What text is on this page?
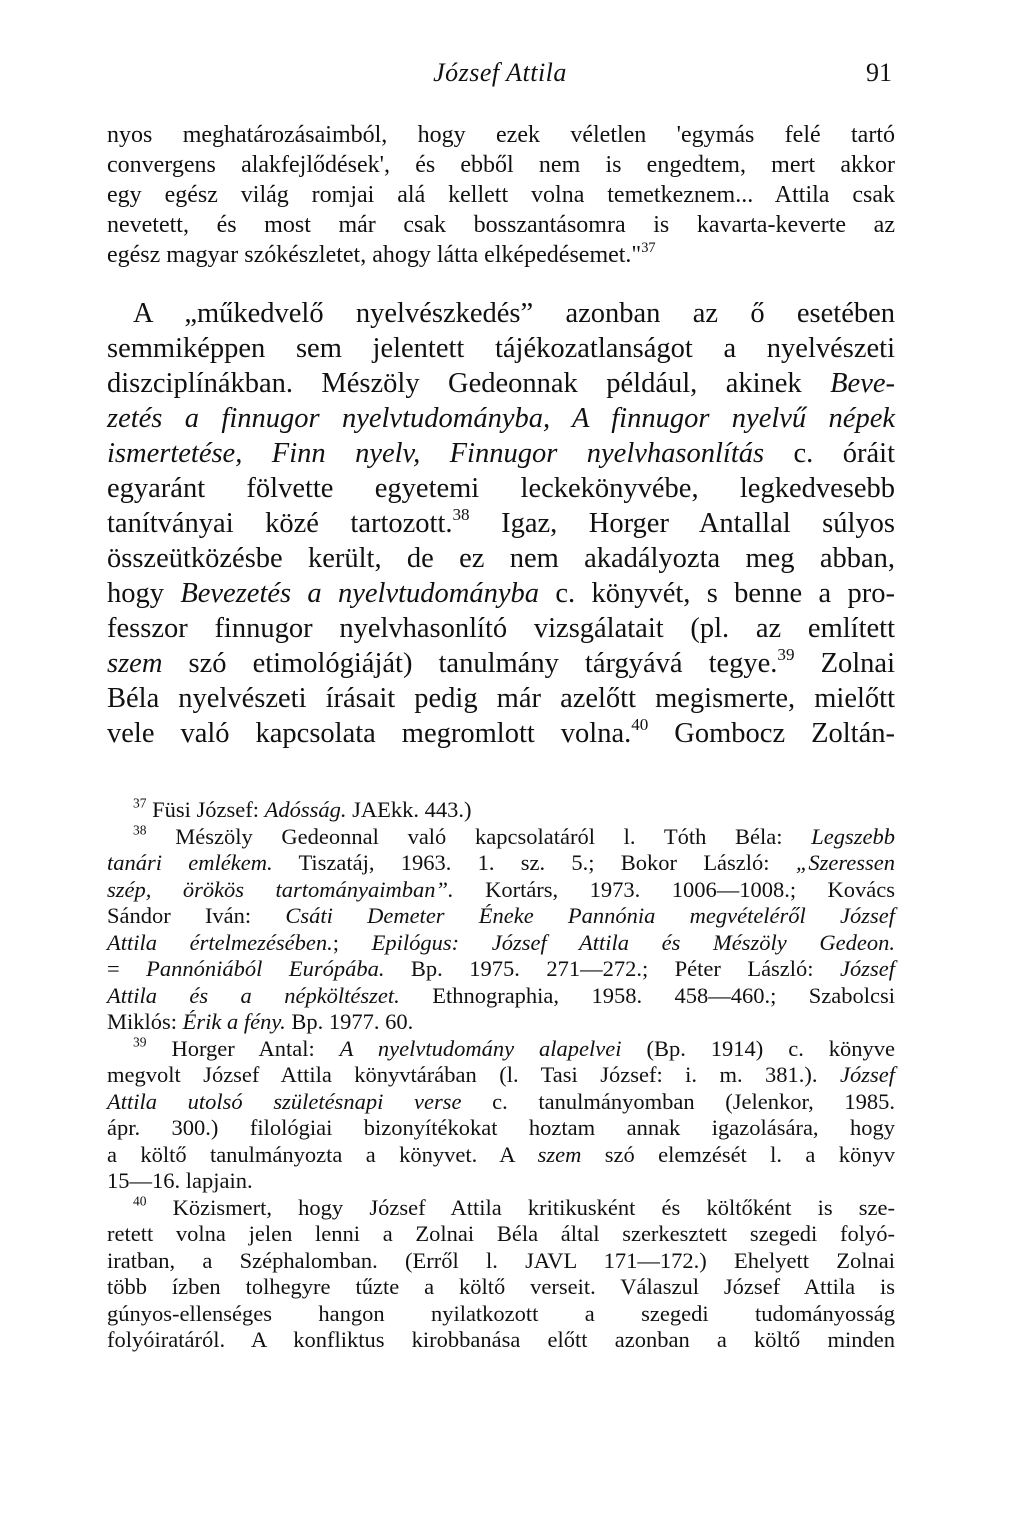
József Attila	91
nyos meghatározásaimból, hogy ezek véletlen 'egymás felé tartó
convergens alakfejlődések', és ebből nem is engedtem, mert akkor
egy egész világ romjai alá kellett volna temetkeznem... Attila csak
nevetett, és most már csak bosszantásomra is kavarta-keverte az
egész magyar szókészletet, ahogy látta elképedésemet."$^{37}$
A „műkedvelő nyelvészkedés” azonban az ő esetében
semmiképpen sem jelentett tájékozatlanságot a nyelvészeti
diszciplínákban. Mészöly Gedeonnak például, akinek Beve-
zetés a finnugor nyelvtudományba, A finnugor nyelvű népek
ismertetése, Finn nyelv, Finnugor nyelvhasonlítás c. óráit
egyaránt fölvette egyetemi leckekönyvébe, legkedvesebb
tanítványai közé tartozott.$^{38}$ Igaz, Horger Antallal súlyos
összeütközésbe került, de ez nem akadályozta meg abban,
hogy Bevezetés a nyelvtudományba c. könyvét, s benne a pro-
fesszor finnugor nyelvhasonlító vizsgálatait (pl. az említett
szem szó etimológiáját) tanulmány tárgyává tegye.$^{39}$ Zolnai
Béla nyelvészeti írásait pedig már azelőtt megismerte, mielőtt
vele való kapcsolata megromlott volna.$^{40}$ Gombocz Zoltán-
$^{37}$ Füsi József: Adósság. JAEkk. 443.)
$^{38}$ Mészöly Gedeonnal való kapcsolatáról l. Tóth Béla: Legszebb
tanári emlékem. Tiszatáj, 1963. 1. sz. 5.; Bokor László: „Szeressen
szép, örökös tartományaimban”. Kortárs, 1973. 1006—1008.; Kovács
Sándor Iván: Csáti Demeter Éneke Pannónia megvételéről József
Attila értelmezésében.; Epilógus: József Attila és Mészöly Gedeon.
= Pannóniából Európába. Bp. 1975. 271—272.; Péter László: József
Attila és a népköltészet. Ethnographia, 1958. 458—460.; Szabolcsi
Miklós: Érik a fény. Bp. 1977. 60.
$^{39}$ Horger Antal: A nyelvtudomány alapelvei (Bp. 1914) c. könyve
megvolt József Attila könyvtárában (l. Tasi József: i. m. 381.). József
Attila utolsó születésnapi verse c. tanulmányomban (Jelenkor, 1985.
ápr. 300.) filológiai bizonyítékokat hoztam annak igazolására, hogy
a költő tanulmányozta a könyvet. A szem szó elemzését l. a könyv
15—16. lapjain.
$^{40}$ Közismert, hogy József Attila kritikusként és költőként is sze-
retett volna jelen lenni a Zolnai Béla által szerkesztett szegedi folyó-
iratban, a Széphalomban. (Erről l. JAVL 171—172.) Ehelyett Zolnai
több ízben tolhegyre tűzte a költő verseit. Válaszul József Attila is
gúnyos-ellenséges hangon nyilatkozott a szegedi tudományosság
folyóiratáról. A konfliktus kirobbanása előtt azonban a költő minden
